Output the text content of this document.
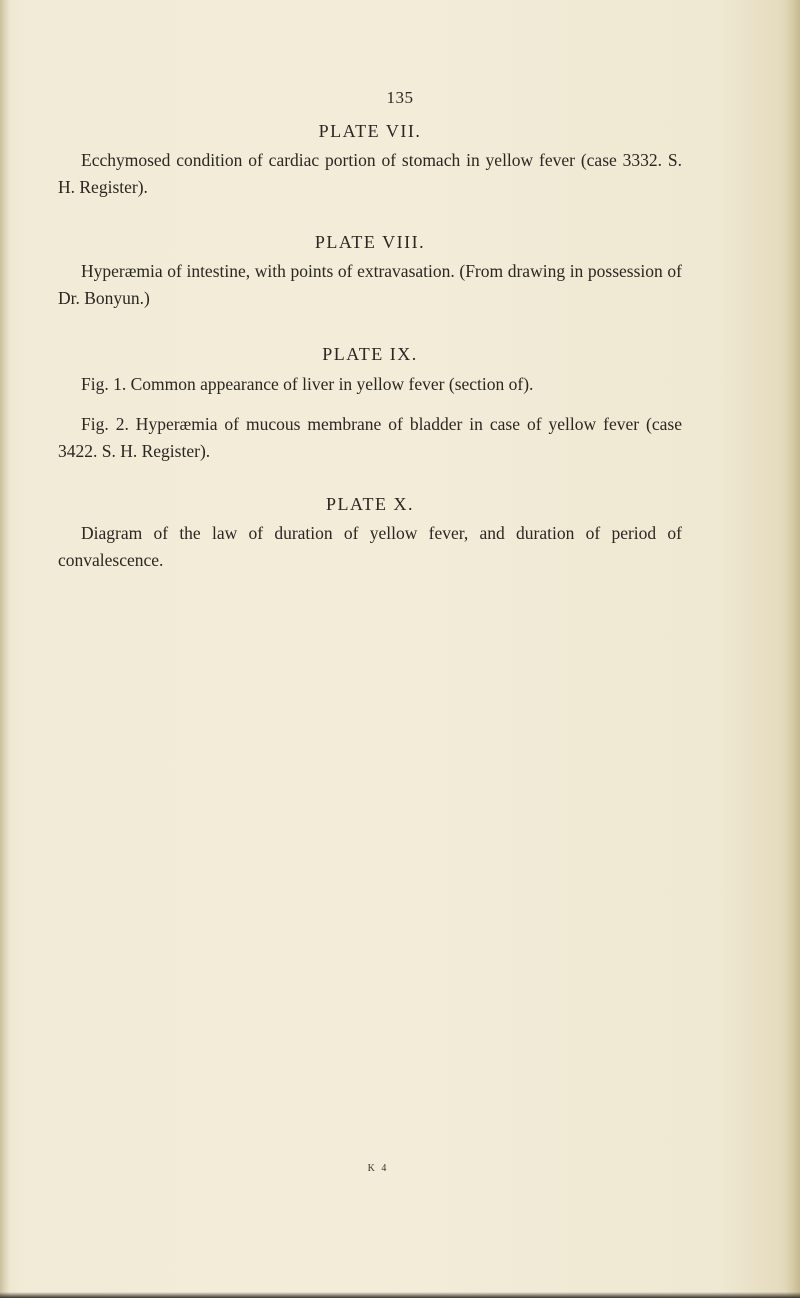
135
PLATE VII.

Ecchymosed condition of cardiac portion of stomach in yellow fever (case 3332. S. H. Register).

PLATE VIII.

Hyperæmia of intestine, with points of extravasation. (From drawing in possession of Dr. Bonyun.)

PLATE IX.

Fig. 1. Common appearance of liver in yellow fever (section of).

Fig. 2. Hyperæmia of mucous membrane of bladder in case of yellow fever (case 3422. S. H. Register).

PLATE X.

Diagram of the law of duration of yellow fever, and duration of period of convalescence.

K 4
